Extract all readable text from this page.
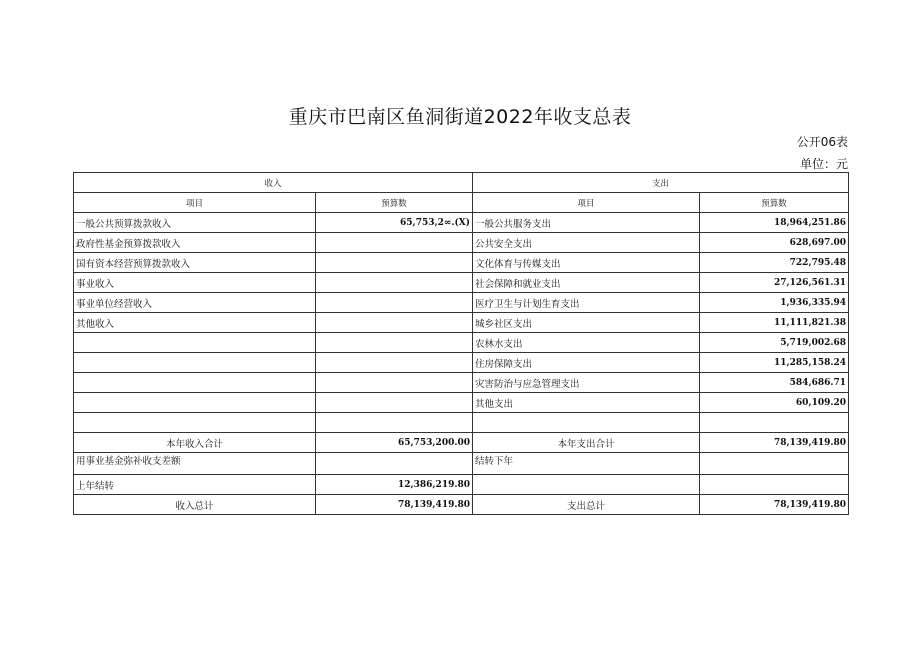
重庆市巴南区鱼洞街道2022年收支总表
公开06表
单位：元
收入		支出	
项目	预算数	项目	预算数
一般公共预算拨款收入	65,753,2∞.(X)	一般公共服务支出	18,964,251.86
政府性基金预算拨款收入		公共安全支出	628,697.00
国有资本经营预算拨款收入		文化体育与传媒支出	722,795.48
事业收入		社会保障和就业支出	27,126,561.31
事业单位经营收入		医疗卫生与计划生育支出	1,936,335.94
其他收入		城乡社区支出	11,111,821.38
		农林水支出	5,719,002.68
		住房保障支出	11,285,158.24
		灾害防治与应急管理支出	584,686.71
		其他支出	60,109.20

本年收入合计	65,753,200.00	本年支出合计	78,139,419.80
用事业基金弥补收支差额		结转下年	
上年结转	12,386,219.80		
收入总计	78,139,419.80	支出总计	78,139,419.80
